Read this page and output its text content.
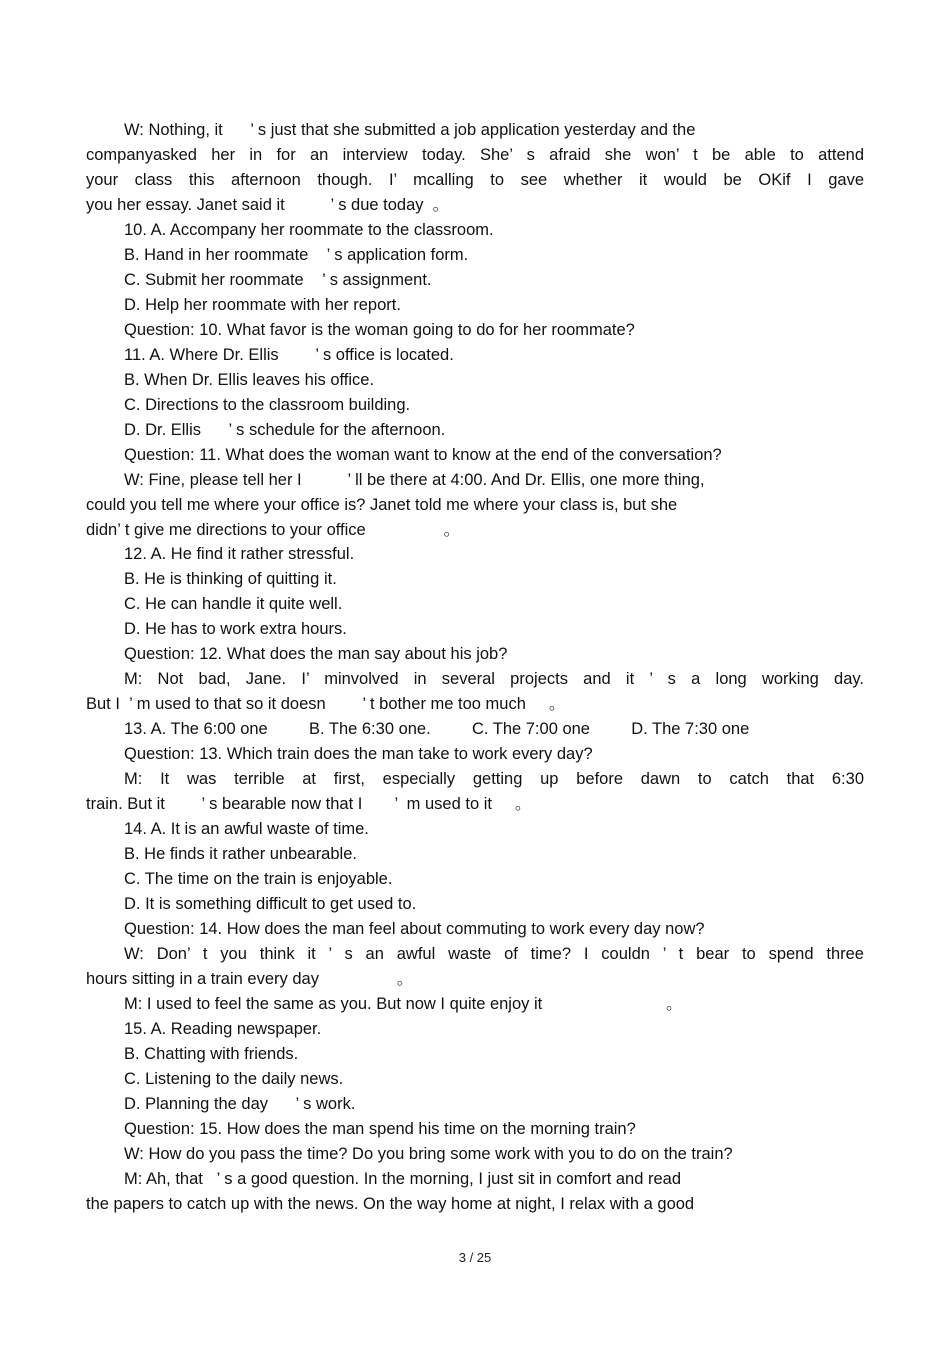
W: Nothing, it      ’ s just that she submitted a job application yesterday and the
companyasked her in for an interview today. She’ s afraid she won’ t be able to attend
your class this afternoon though. I’ mcalling to see whether it would be OKif I gave
you her essay. Janet said it          ’ s due today  。
10. A. Accompany her roommate to the classroom.
B. Hand in her roommate    ’ s application form.
C. Submit her roommate    ’ s assignment.
D. Help her roommate with her report.
Question: 10. What favor is the woman going to do for her roommate?
11. A. Where Dr. Ellis        ’ s office is located.
B. When Dr. Ellis leaves his office.
C. Directions to the classroom building.
D. Dr. Ellis      ’ s schedule for the afternoon.
Question: 11. What does the woman want to know at the end of the conversation?
W: Fine, please tell her I          ’ ll be there at 4:00. And Dr. Ellis, one more thing,
could you tell me where your office is? Janet told me where your class is, but she
didn’ t give me directions to your office                 。
12. A. He find it rather stressful.
B. He is thinking of quitting it.
C. He can handle it quite well.
D. He has to work extra hours.
Question: 12. What does the man say about his job?
M: Not bad, Jane. I’ minvolved in several projects and it ’ s a long working day.
But I  ’ m used to that so it doesn        ’ t bother me too much     。
13. A. The 6:00 one         B. The 6:30 one.         C. The 7:00 one         D. The 7:30 one
Question: 13. Which train does the man take to work every day?
M: It was terrible at first, especially getting up before dawn to catch that 6:30
train. But it        ’ s bearable now that I       ’  m used to it     。
14. A. It is an awful waste of time.
B. He finds it rather unbearable.
C. The time on the train is enjoyable.
D. It is something difficult to get used to.
Question: 14. How does the man feel about commuting to work every day now?
W: Don’ t you think it ’ s an awful waste of time? I couldn ’ t bear to spend three
hours sitting in a train every day                 。
M: I used to feel the same as you. But now I quite enjoy it                           。
15. A. Reading newspaper.
B. Chatting with friends.
C. Listening to the daily news.
D. Planning the day      ’ s work.
Question: 15. How does the man spend his time on the morning train?
W: How do you pass the time? Do you bring some work with you to do on the train?
M: Ah, that   ’ s a good question. In the morning, I just sit in comfort and read
the papers to catch up with the news. On the way home at night, I relax with a good
3 / 25
